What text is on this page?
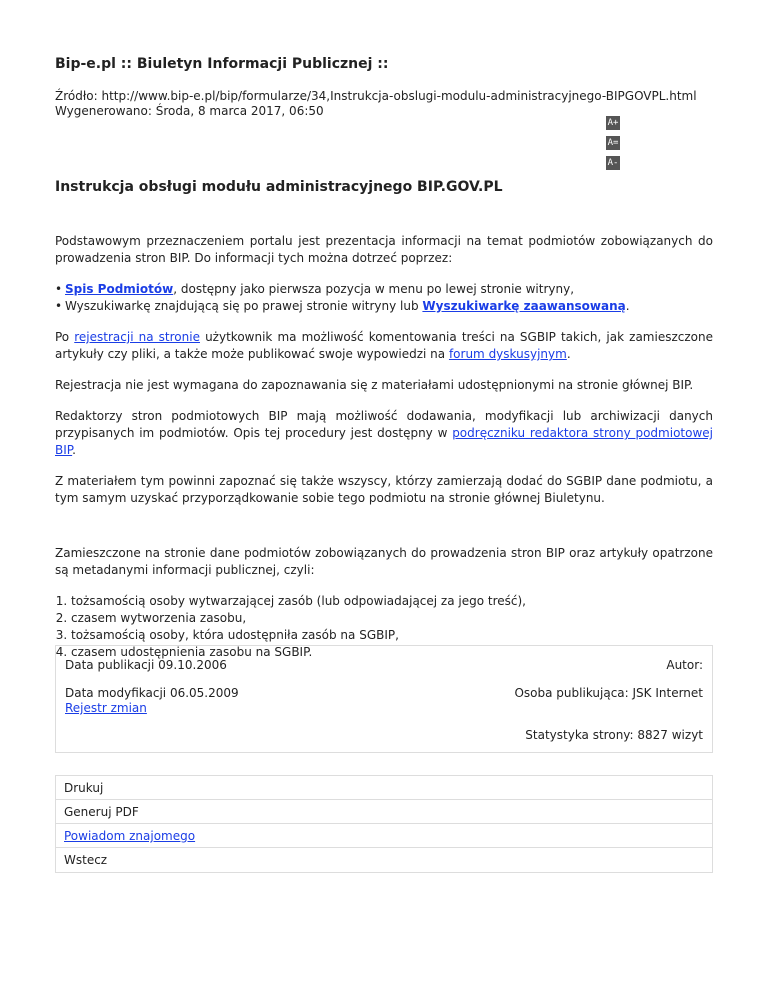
Bip-e.pl :: Biuletyn Informacji Publicznej ::
Źródło: http://www.bip-e.pl/bip/formularze/34,Instrukcja-obslugi-modulu-administracyjnego-BIPGOVPL.html
Wygenerowano: Środa, 8 marca 2017, 06:50
A+
A=
A-
Instrukcja obsługi modułu administracyjnego BIP.GOV.PL

Podstawowym przeznaczeniem portalu jest prezentacja informacji na temat podmiotów zobowiązanych do prowadzenia stron BIP. Do informacji tych można dotrzeć poprzez:

• Spis Podmiotów, dostępny jako pierwsza pozycja w menu po lewej stronie witryny,
• Wyszukiwarkę znajdującą się po prawej stronie witryny lub Wyszukiwarkę zaawansowaną.

Po rejestracji na stronie użytkownik ma możliwość komentowania treści na SGBIP takich, jak zamieszczone artykuły czy pliki, a także może publikować swoje wypowiedzi na forum dyskusyjnym.

Rejestracja nie jest wymagana do zapoznawania się z materiałami udostępnionymi na stronie głównej BIP.

Redaktorzy stron podmiotowych BIP mają możliwość dodawania, modyfikacji lub archiwizacji danych przypisanych im podmiotów. Opis tej procedury jest dostępny w podręczniku redaktora strony podmiotowej BIP.

Z materiałem tym powinni zapoznać się także wszyscy, którzy zamierzają dodać do SGBIP dane podmiotu, a tym samym uzyskać przyporządkowanie sobie tego podmiotu na stronie głównej Biuletynu.

Zamieszczone na stronie dane podmiotów zobowiązanych do prowadzenia stron BIP oraz artykuły opatrzone są metadanymi informacji publicznej, czyli:

1. tożsamością osoby wytwarzającej zasób (lub odpowiadającej za jego treść),
2. czasem wytworzenia zasobu,
3. tożsamością osoby, która udostępniła zasób na SGBIP,
4. czasem udostępnienia zasobu na SGBIP.
Data publikacji 09.10.2006	Autor:
Data modyfikacji 06.05.2009
Rejestr zmian
Osoba publikująca: JSK Internet
Statystyka strony: 8827 wizyt
Drukuj
Generuj PDF
Powiadom znajomego
Wstecz
